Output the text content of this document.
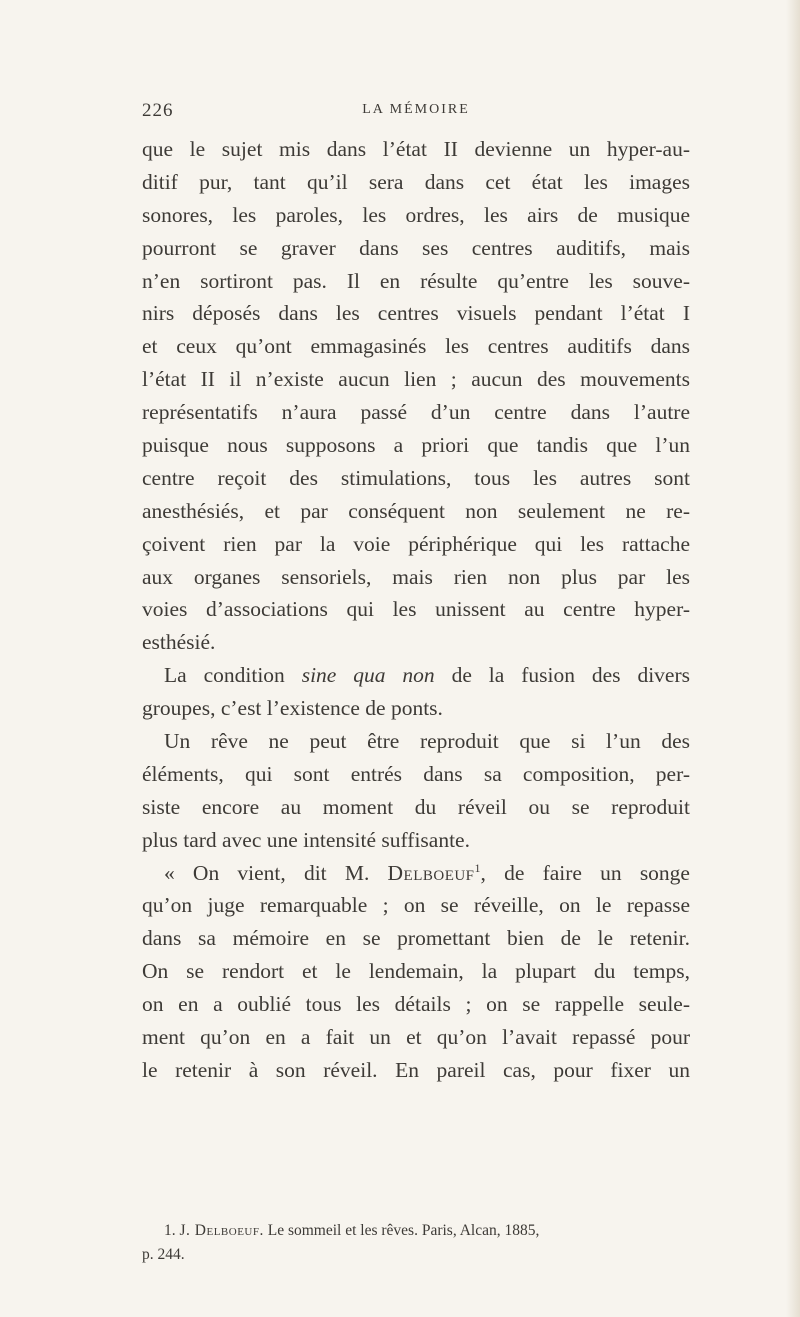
226	LA MÉMOIRE
que le sujet mis dans l’état II devienne un hyper-au-
ditif pur, tant qu’il sera dans cet état les images
sonores, les paroles, les ordres, les airs de musique
pourront se graver dans ses centres auditifs, mais
n’en sortiront pas. Il en résulte qu’entre les souve-
nirs déposés dans les centres visuels pendant l’état I
et ceux qu’ont emmagasinés les centres auditifs dans
l’état II il n’existe aucun lien ; aucun des mouvements
représentatifs n’aura passé d’un centre dans l’autre
puisque nous supposons a priori que tandis que l’un
centre reçoit des stimulations, tous les autres sont
anesthésiés, et par conséquent non seulement ne re-
çoivent rien par la voie périphérique qui les rattache
aux organes sensoriels, mais rien non plus par les
voies d’associations qui les unissent au centre hyper-
esthésié.
La condition sine qua non de la fusion des divers
groupes, c’est l’existence de ponts.
Un rêve ne peut être reproduit que si l’un des
éléments, qui sont entrés dans sa composition, per-
siste encore au moment du réveil ou se reproduit
plus tard avec une intensité suffisante.
« On vient, dit M. Delboeuf$^1$, de faire un songe
qu’on juge remarquable ; on se réveille, on le repasse
dans sa mémoire en se promettant bien de le retenir.
On se rendort et le lendemain, la plupart du temps,
on en a oublié tous les détails ; on se rappelle seule-
ment qu’on en a fait un et qu’on l’avait repassé pour
le retenir à son réveil. En pareil cas, pour fixer un
1. J. Delboeuf. Le sommeil et les rêves. Paris, Alcan, 1885,
p. 244.
